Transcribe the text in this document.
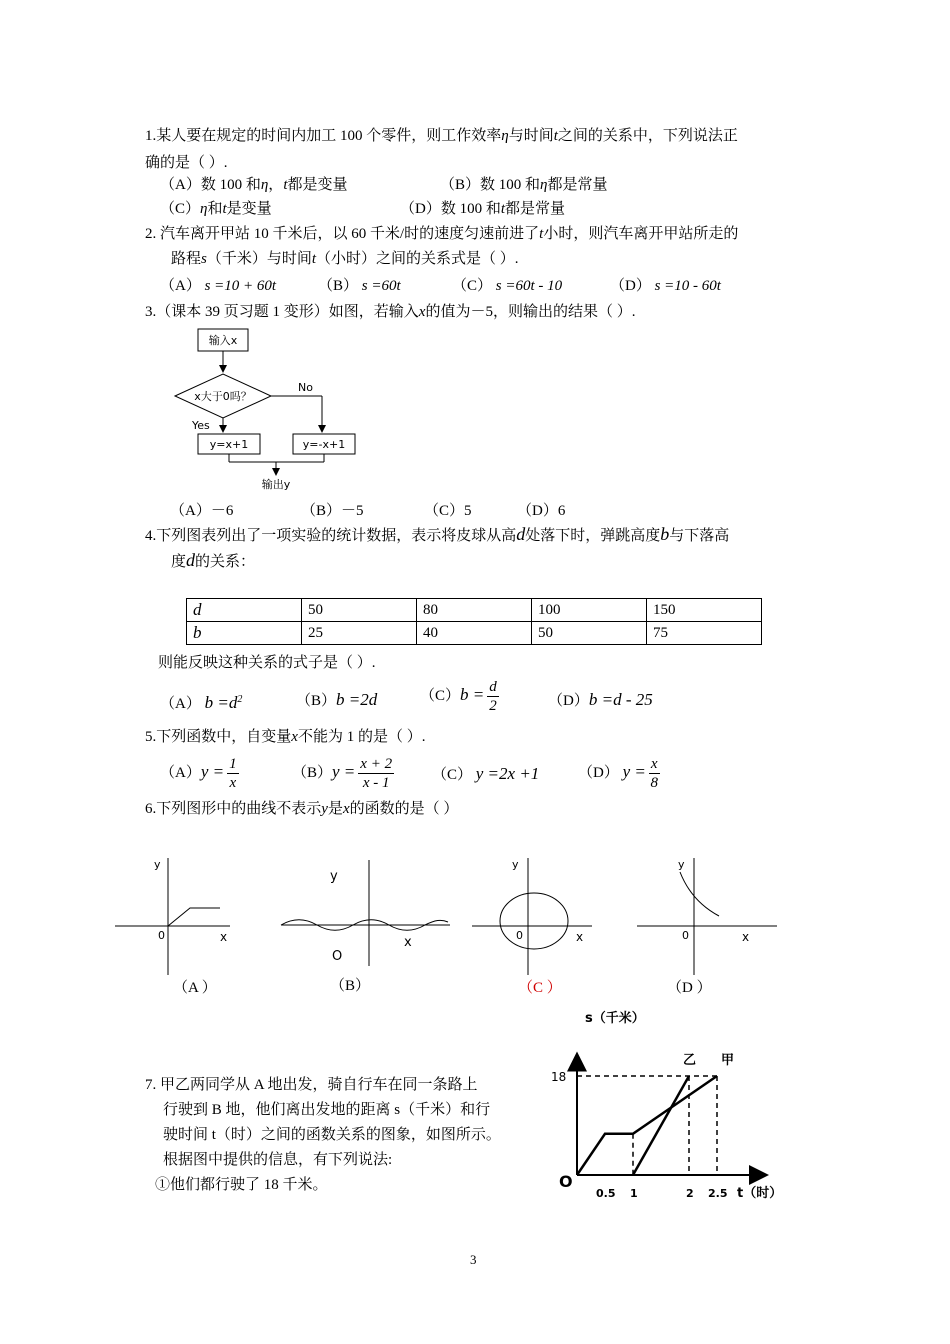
1.某人要在规定的时间内加工 100 个零件，则工作效率η与时间t之间的关系中，下列说法正
确的是（ ）.
（A）数 100 和η，t都是变量	（B）数 100 和η都是常量
（C）η和t是变量	（D）数 100 和t都是常量
2. 汽车离开甲站 10 千米后，以 60 千米/时的速度匀速前进了t小时，则汽车离开甲站所走的
路程s（千米）与时间t（小时）之间的关系式是（ ）.
（A） s =10 + 60t	（B） s =60t	（C） s =60t - 10	（D） s =10 - 60t
3.（课本 39 页习题 1 变形）如图，若输入x的值为－5，则输出的结果（ ）.
输入x
x大于0吗？
No
Yes
y=x+1	y=-x+1
输出y
（A）－6	（B）－5	（C）5	（D）6
4.下列图表列出了一项实验的统计数据，表示将皮球从高d处落下时，弹跳高度b与下落高
度d的关系：
d	50	80	100	150
b	25	40	50	75
则能反映这种关系的式子是（ ）.
（A） $b =d^2$	（B）b =2d	$(C)b = \frac{d}{2}$	（D）b =d - 25
5.下列函数中，自变量x不能为 1 的是（ ）.
$(A)y = \frac{1}{x}$	$(B)y = \frac{x + 2}{x - 1}$	（C） y =2x +1	（D） $y = \frac{x}{8}$
6.下列图形中的曲线不表示y是x的函数的是（ ）
y
0	x
（A ）
y
x
O
（B）
y
0	x
（C ）
y
0	x
（D ）
7. 甲乙两同学从 A 地出发，骑自行车在同一条路上
行驶到 B 地，他们离出发地的距离 s（千米）和行
驶时间 t（时）之间的函数关系的图象，如图所示。
根据图中提供的信息，有下列说法:
①他们都行驶了 18 千米。
s（千米）
t（时）
O
18
0.5 1	2 2.5
乙 甲
3
